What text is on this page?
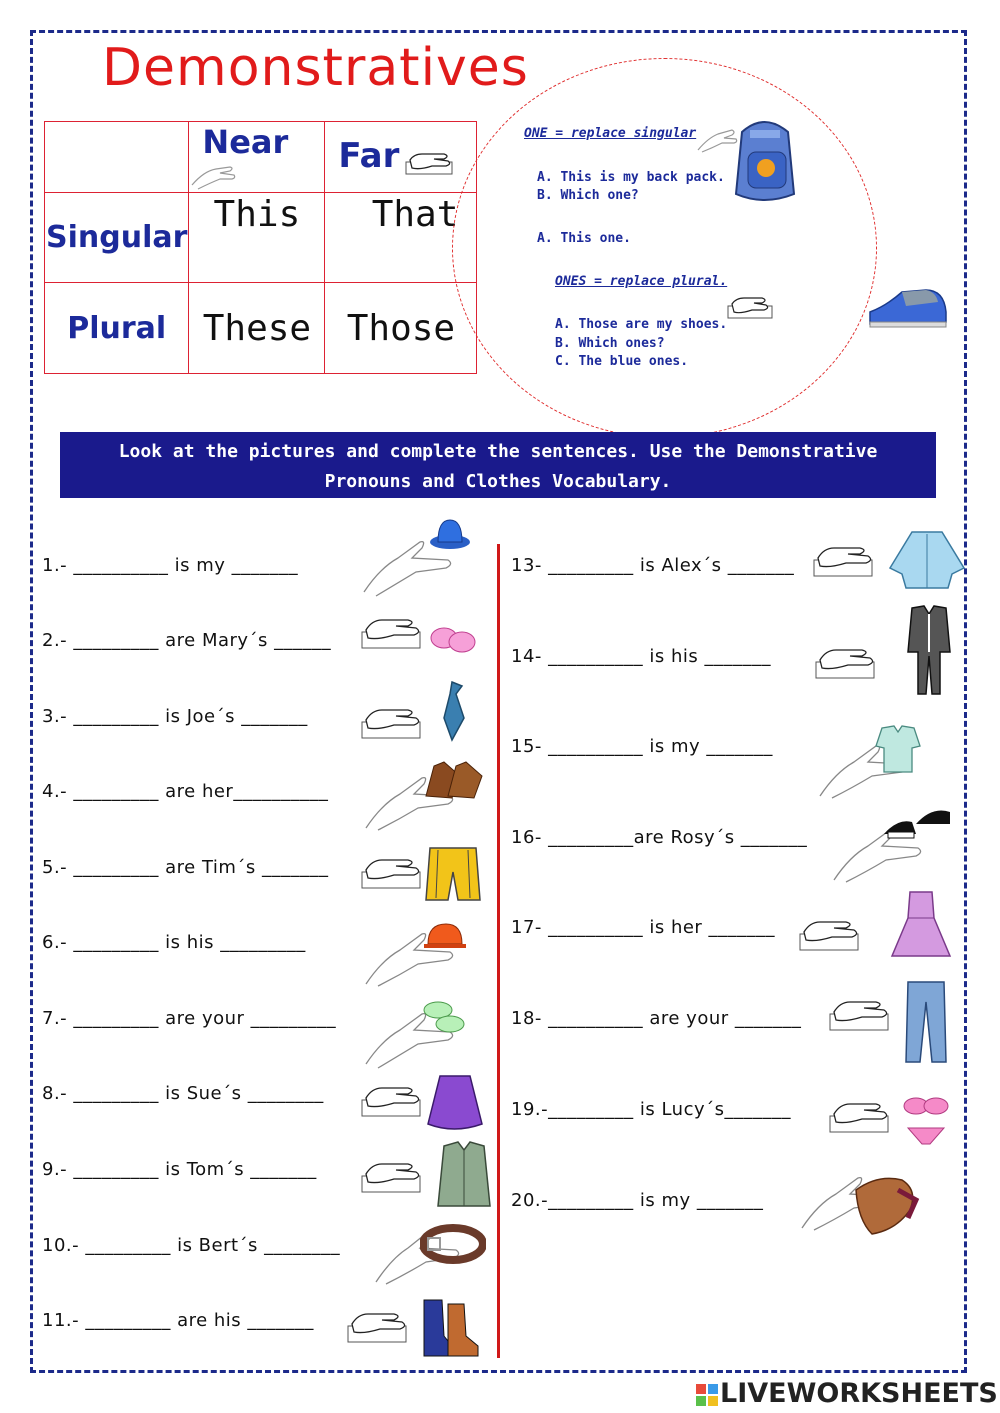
Demonstratives
	Near	Far
Singular	This	That
Plural	These	Those
ONE = replace singular
A. This is my back pack.
B. Which one?
A. This one.
ONES = replace plural.
A. Those are my shoes.
B. Which ones?
C. The blue ones.
Look at the pictures and complete the sentences. Use the Demonstrative
Pronouns and Clothes Vocabulary.
1.- __________ is my _______
2.- _________ are Mary´s ______
3.- _________ is Joe´s _______
4.- _________ are her__________
5.- _________ are Tim´s _______
6.- _________ is his _________
7.- _________ are your _________
8.- _________ is Sue´s ________
9.- _________ is Tom´s _______
10.- _________ is Bert´s ________
11.- _________ are his _______
13- _________ is Alex´s _______
14- __________ is his _______
15- __________ is my _______
16- _________are Rosy´s _______
17- __________ is her _______
18- __________ are your _______
19.-_________ is Lucy´s_______
20.-_________ is my _______
LIVEWORKSHEETS
